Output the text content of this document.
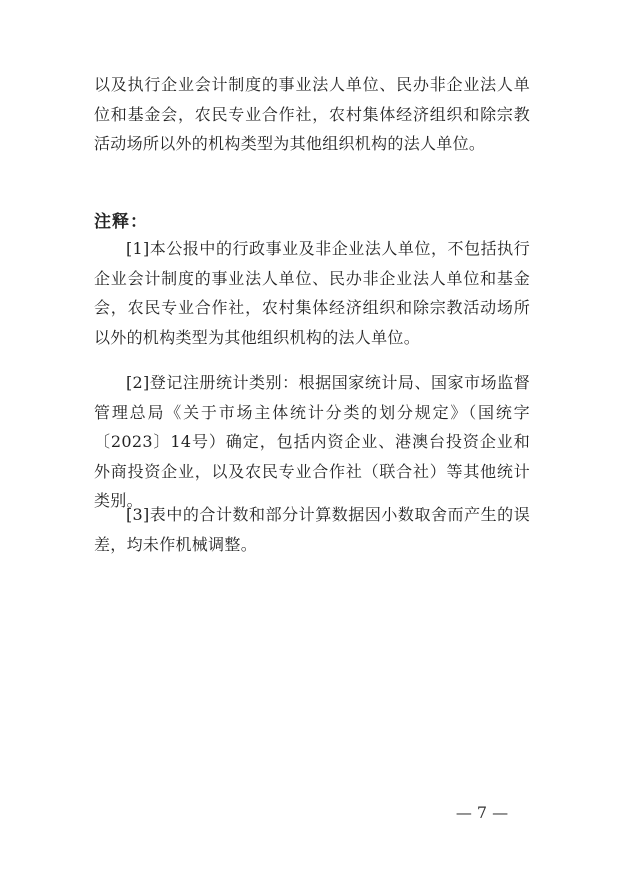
以及执行企业会计制度的事业法人单位、民办非企业法人单位和基金会，农民专业合作社，农村集体经济组织和除宗教活动场所以外的机构类型为其他组织机构的法人单位。

注释：

[1]本公报中的行政事业及非企业法人单位，不包括执行企业会计制度的事业法人单位、民办非企业法人单位和基金会，农民专业合作社，农村集体经济组织和除宗教活动场所以外的机构类型为其他组织机构的法人单位。

[2]登记注册统计类别：根据国家统计局、国家市场监督管理总局《关于市场主体统计分类的划分规定》（国统字〔2023〕14号）确定，包括内资企业、港澳台投资企业和外商投资企业，以及农民专业合作社（联合社）等其他统计类别。

[3]表中的合计数和部分计算数据因小数取舍而产生的误差，均未作机械调整。

— 7 —
